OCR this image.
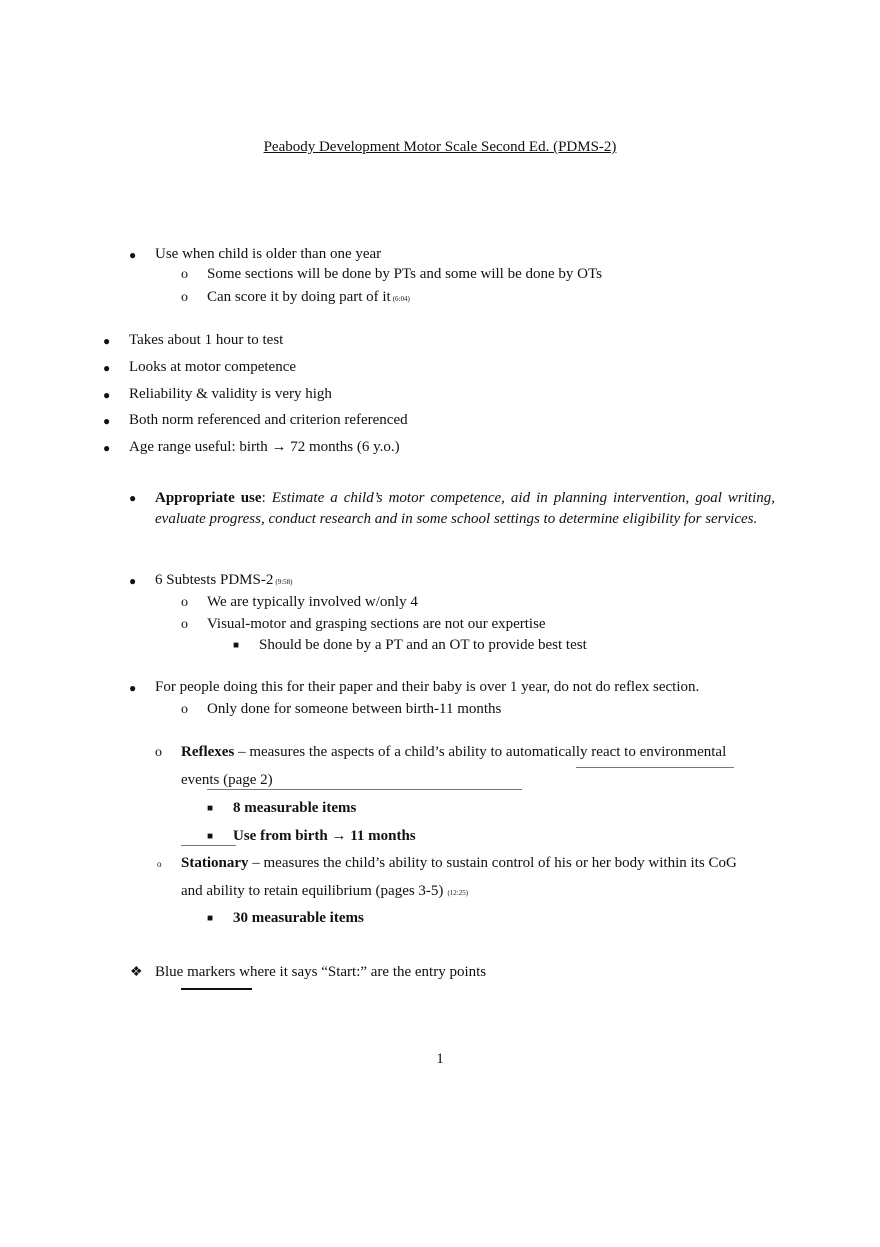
Peabody Development Motor Scale Second Ed. (PDMS-2)
● Use when child is older than one year
o Some sections will be done by PTs and some will be done by OTs
o Can score it by doing part of it (6:04)
● Takes about 1 hour to test
● Looks at motor competence
● Reliability & validity is very high
● Both norm referenced and criterion referenced
● Age range useful: birth → 72 months (6 y.o.)
● Appropriate use: Estimate a child’s motor competence, aid in planning intervention, goal writing, evaluate progress, conduct research and in some school settings to determine eligibility for services.
● 6 Subtests PDMS-2 (9:58)
o We are typically involved w/only 4
o Visual-motor and grasping sections are not our expertise
■ Should be done by a PT and an OT to provide best test
● For people doing this for their paper and their baby is over 1 year, do not do reflex section.
o Only done for someone between birth-11 months
o Reflexes – measures the aspects of a child’s ability to automatically react to environmental
events (page 2)
■ 8 measurable items
■ Use from birth → 11 months
o Stationary – measures the child’s ability to sustain control of his or her body within its CoG
and ability to retain equilibrium (pages 3-5) (12:25)
■ 30 measurable items
❖ Blue markers where it says “Start:” are the entry points
1
